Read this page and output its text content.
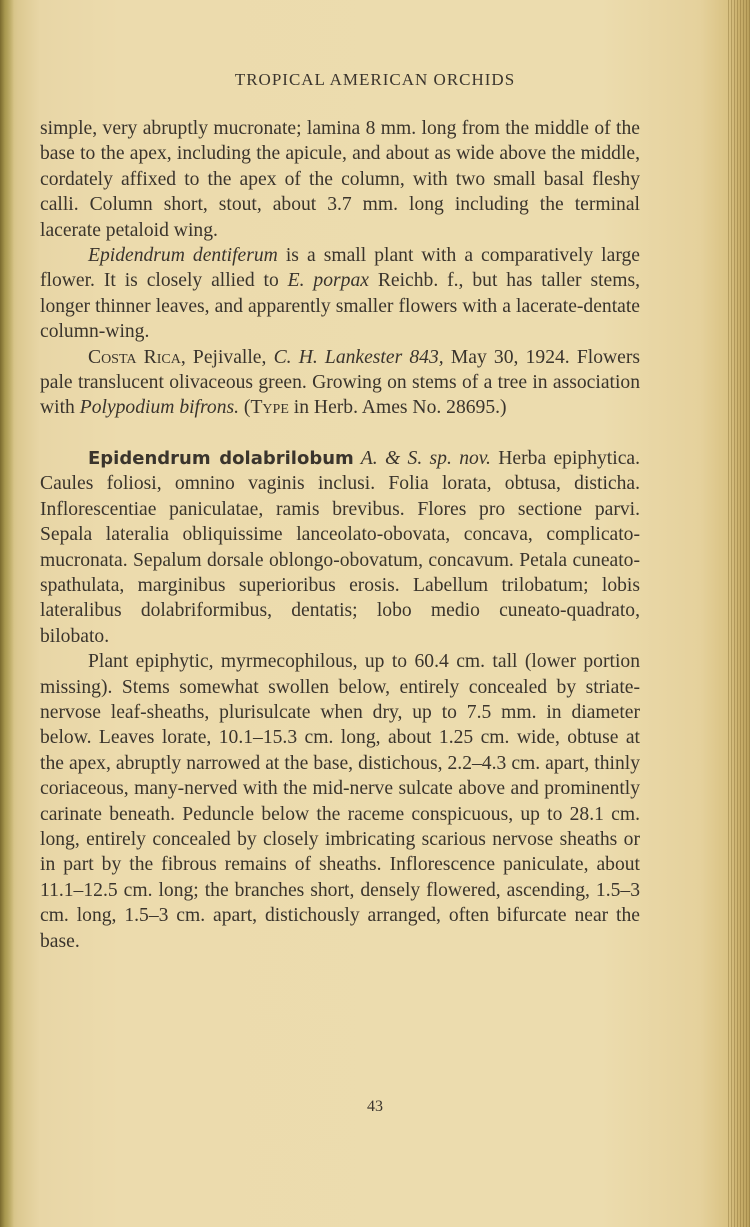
TROPICAL AMERICAN ORCHIDS

simple, very abruptly mucronate; lamina 8 mm. long from the middle of the base to the apex, including the apicule, and about as wide above the middle, cordately affixed to the apex of the column, with two small basal fleshy calli. Column short, stout, about 3.7 mm. long including the terminal lacerate petaloid wing.

Epidendrum dentiferum is a small plant with a comparatively large flower. It is closely allied to E. porpax Reichb. f., but has taller stems, longer thinner leaves, and apparently smaller flowers with a lacerate-dentate column-wing.

Costa Rica, Pejivalle, C. H. Lankester 843, May 30, 1924. Flowers pale translucent olivaceous green. Growing on stems of a tree in association with Polypodium bifrons. (Type in Herb. Ames No. 28695.)

Epidendrum dolabrilobum A. & S. sp. nov. Herba epiphytica. Caules foliosi, omnino vaginis inclusi. Folia lorata, obtusa, disticha. Inflorescentiae paniculatae, ramis brevibus. Flores pro sectione parvi. Sepala lateralia obliquissime lanceolato-obovata, concava, complicato-mucronata. Sepalum dorsale oblongo-obovatum, concavum. Petala cuneato-spathulata, marginibus superioribus erosis. Labellum trilobatum; lobis lateralibus dolabriformibus, dentatis; lobo medio cuneato-quadrato, bilobato.

Plant epiphytic, myrmecophilous, up to 60.4 cm. tall (lower portion missing). Stems somewhat swollen below, entirely concealed by striate-nervose leaf-sheaths, plurisulcate when dry, up to 7.5 mm. in diameter below. Leaves lorate, 10.1–15.3 cm. long, about 1.25 cm. wide, obtuse at the apex, abruptly narrowed at the base, distichous, 2.2–4.3 cm. apart, thinly coriaceous, many-nerved with the mid-nerve sulcate above and prominently carinate beneath. Peduncle below the raceme conspicuous, up to 28.1 cm. long, entirely concealed by closely imbricating scarious nervose sheaths or in part by the fibrous remains of sheaths. Inflorescence paniculate, about 11.1–12.5 cm. long; the branches short, densely flowered, ascending, 1.5–3 cm. long, 1.5–3 cm. apart, distichously arranged, often bifurcate near the base.

43
